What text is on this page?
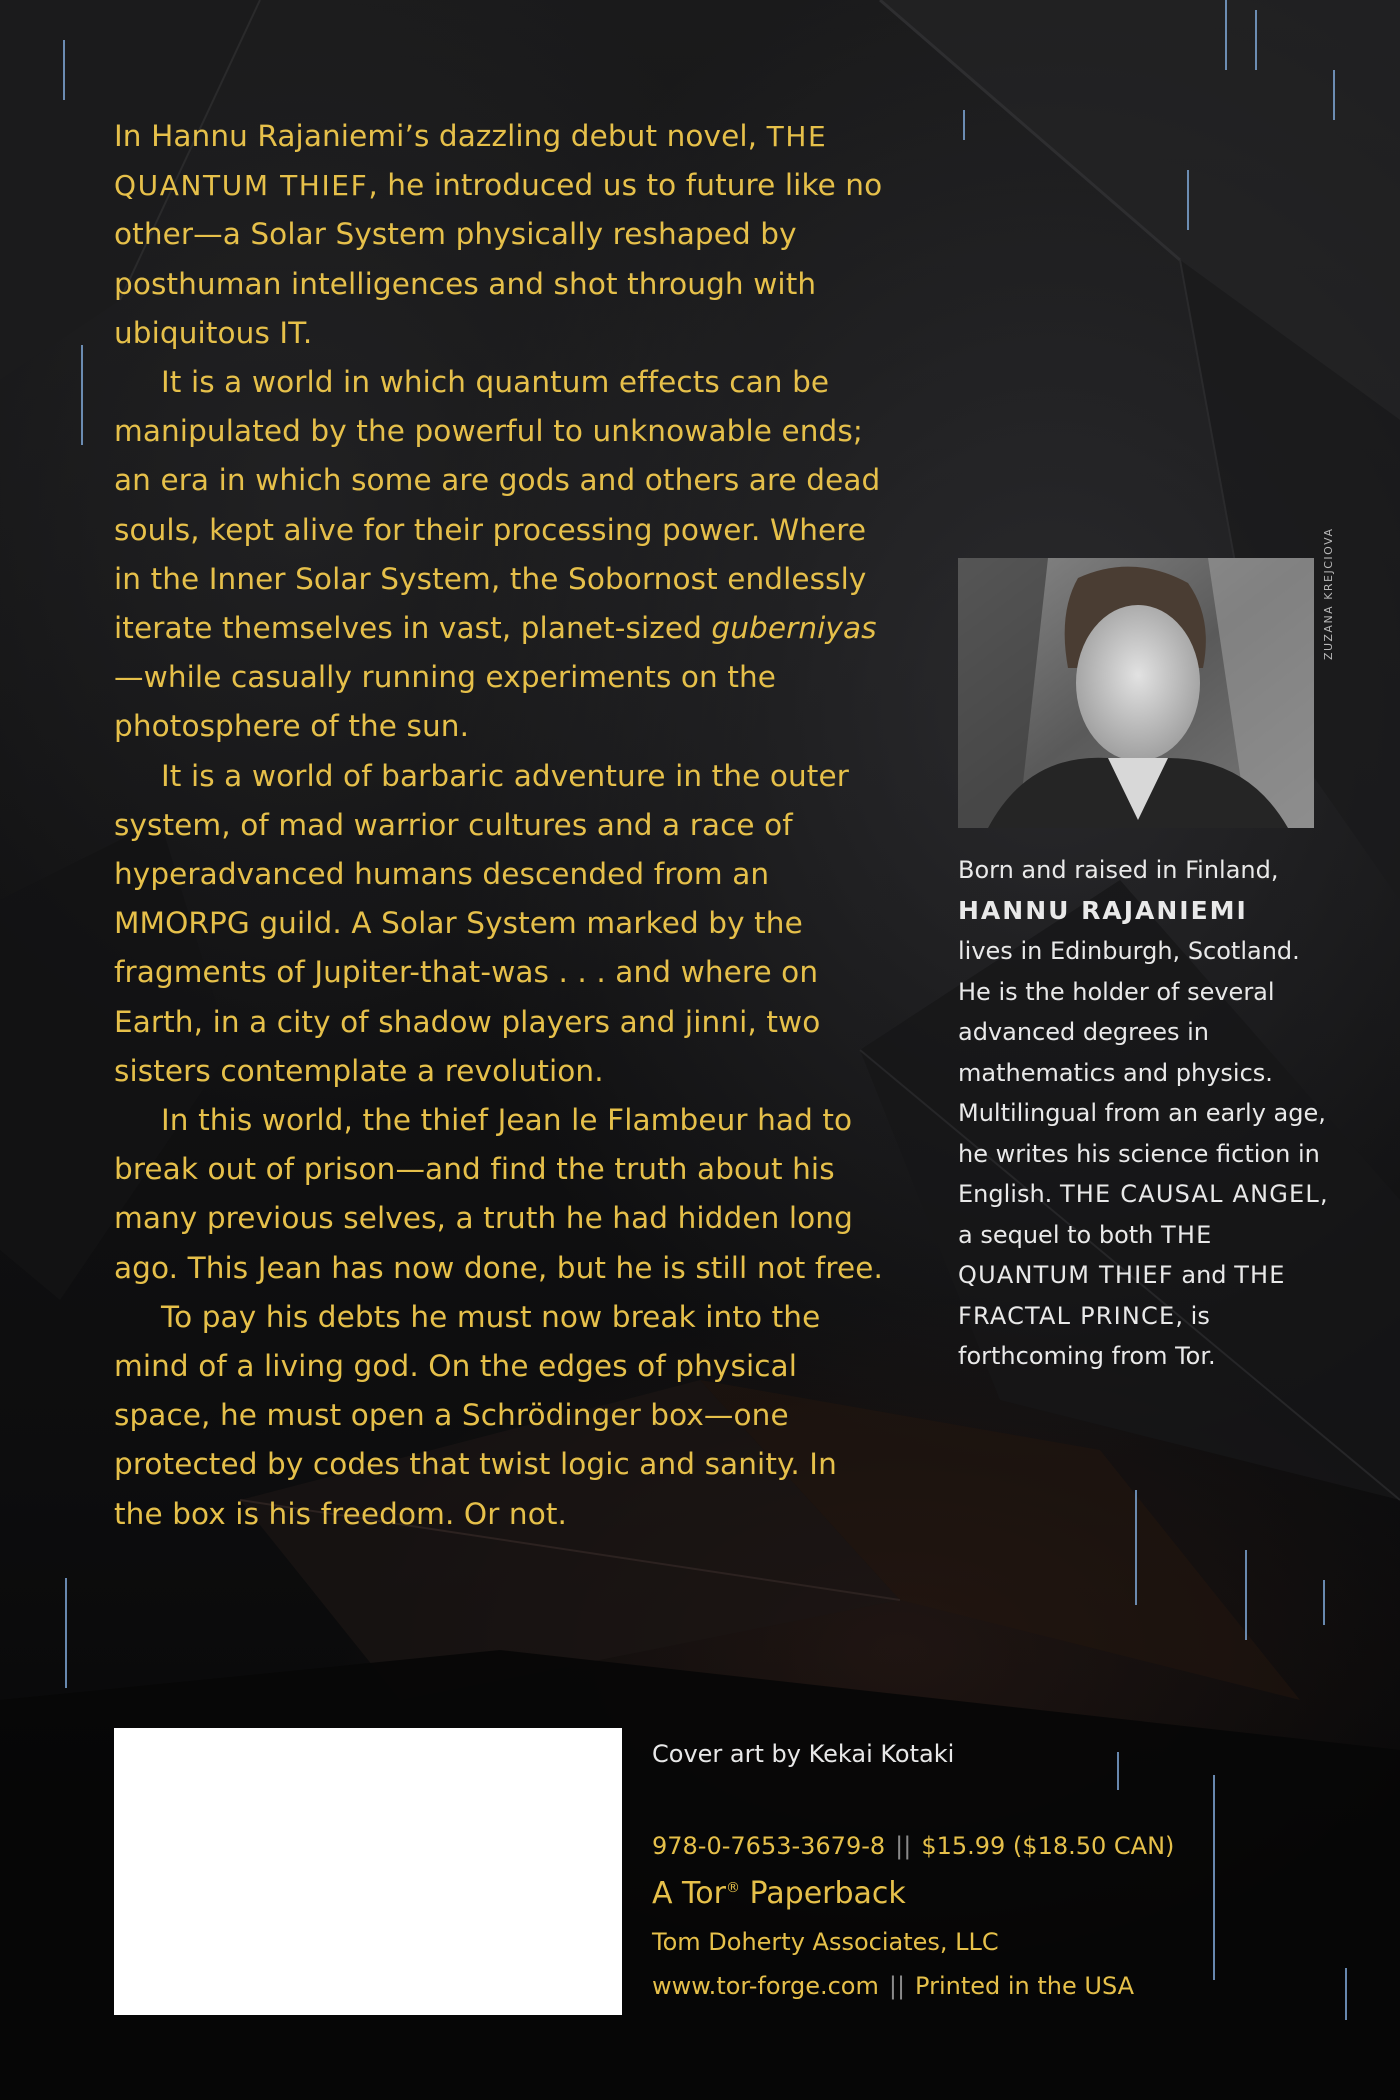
In Hannu Rajaniemi’s dazzling debut novel, THE QUANTUM THIEF, he introduced us to future like no other—a Solar System physically reshaped by posthuman intelligences and shot through with ubiquitous IT.

It is a world in which quantum effects can be manipulated by the powerful to unknowable ends; an era in which some are gods and others are dead souls, kept alive for their processing power. Where in the Inner Solar System, the Sobornost endlessly iterate themselves in vast, planet-sized guberniyas—while casually running experiments on the photosphere of the sun.

It is a world of barbaric adventure in the outer system, of mad warrior cultures and a race of hyperadvanced humans descended from an MMORPG guild. A Solar System marked by the fragments of Jupiter-that-was . . . and where on Earth, in a city of shadow players and jinni, two sisters contemplate a revolution.

In this world, the thief Jean le Flambeur had to break out of prison—and find the truth about his many previous selves, a truth he had hidden long ago. This Jean has now done, but he is still not free.

To pay his debts he must now break into the mind of a living god. On the edges of physical space, he must open a Schrödinger box—one protected by codes that twist logic and sanity. In the box is his freedom. Or not.

ZUZANA KREJCIOVA

Born and raised in Finland,
HANNU RAJANIEMI
lives in Edinburgh, Scotland. He is the holder of several advanced degrees in mathematics and physics. Multilingual from an early age, he writes his science fiction in English. THE CAUSAL ANGEL, a sequel to both THE QUANTUM THIEF and THE FRACTAL PRINCE, is forthcoming from Tor.

Cover art by Kekai Kotaki
978-0-7653-3679-8 || $15.99 ($18.50 CAN)
A Tor® Paperback
Tom Doherty Associates, LLC
www.tor-forge.com || Printed in the USA
